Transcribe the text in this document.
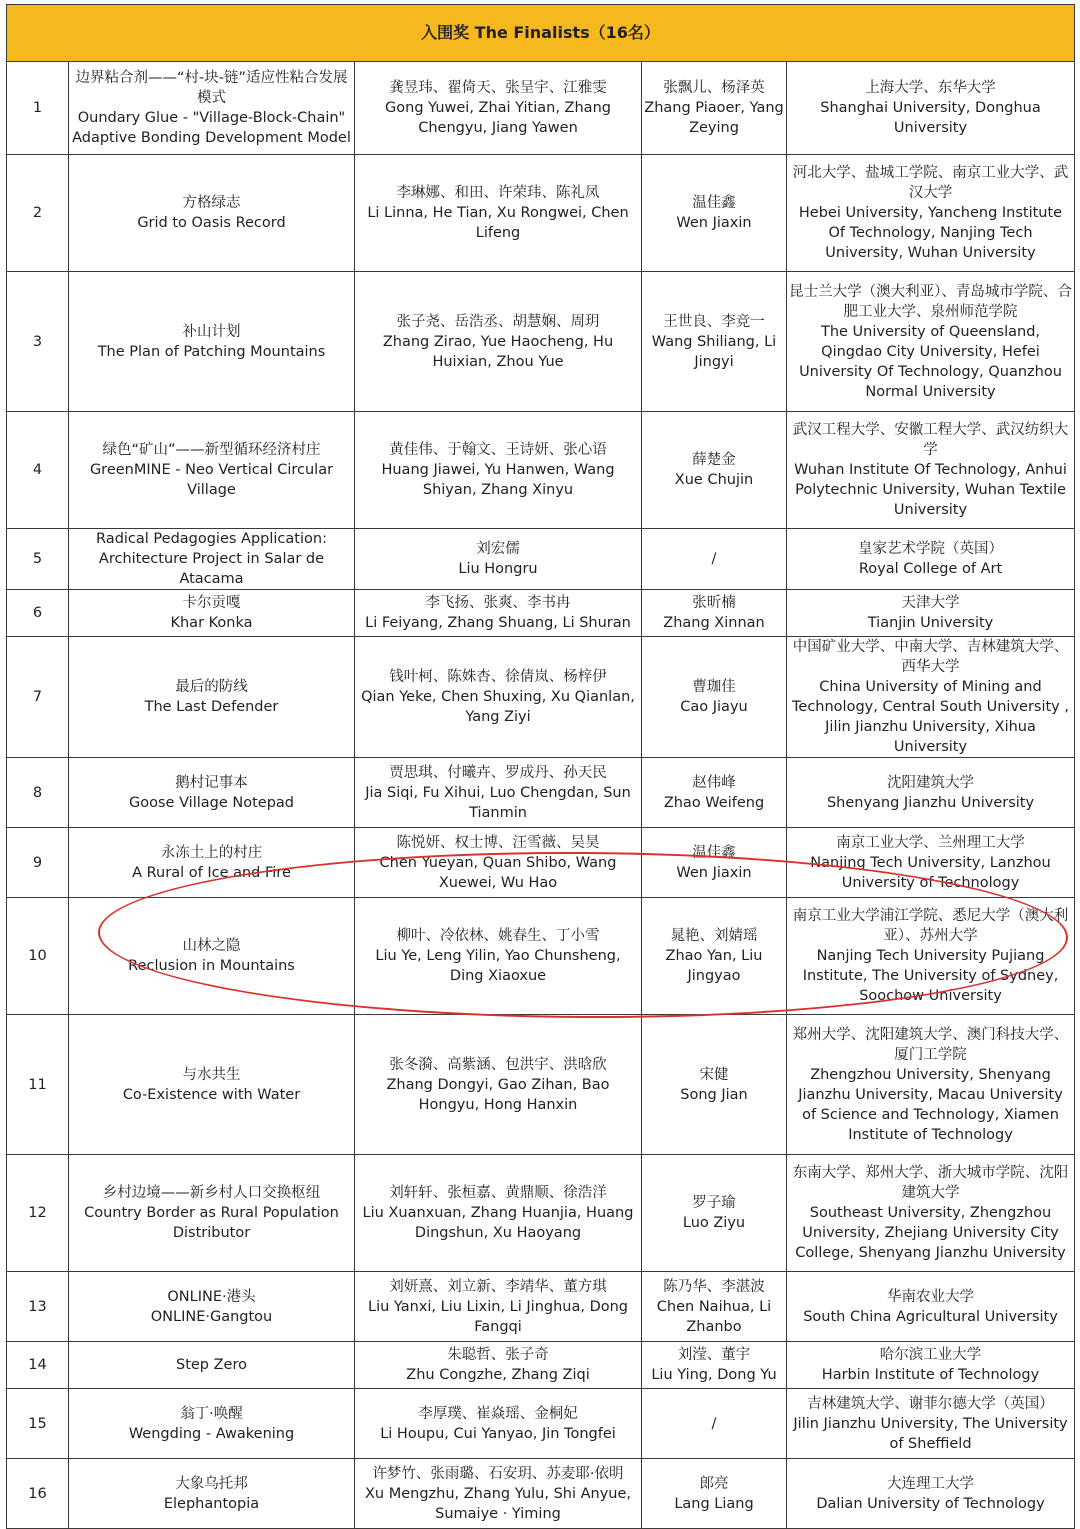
入围奖 The Finalists（16名）				
1	边界粘合剂——“村-块-链”适应性粘合发展模式
Oundary Glue - "Village-Block-Chain" Adaptive Bonding Development Model	龚昱玮、翟倚天、张呈宇、江雅雯
Gong Yuwei, Zhai Yitian, Zhang Chengyu, Jiang Yawen	张飘儿、杨泽英
Zhang Piaoer, Yang Zeying	上海大学、东华大学
Shanghai University, Donghua University

2	方格绿志
Grid to Oasis Record	李琳娜、和田、许荣玮、陈礼凤
Li Linna, He Tian, Xu Rongwei, Chen Lifeng	温佳鑫
Wen Jiaxin	河北大学、盐城工学院、南京工业大学、武汉大学
Hebei University, Yancheng Institute Of Technology, Nanjing Tech University, Wuhan University

3	补山计划
The Plan of Patching Mountains	张子尧、岳浩丞、胡慧娴、周玥
Zhang Zirao, Yue Haocheng, Hu Huixian, Zhou Yue	王世良、李竞一
Wang Shiliang, Li Jingyi	昆士兰大学（澳大利亚）、青岛城市学院、合肥工业大学、泉州师范学院
The University of Queensland, Qingdao City University, Hefei University Of Technology, Quanzhou Normal University

4	绿色“矿山”——新型循环经济村庄
GreenMINE - Neo Vertical Circular Village	黄佳伟、于翰文、王诗妍、张心语
Huang Jiawei, Yu Hanwen, Wang Shiyan, Zhang Xinyu	薛楚金
Xue Chujin	武汉工程大学、安徽工程大学、武汉纺织大学
Wuhan Institute Of Technology, Anhui Polytechnic University, Wuhan Textile University

5	Radical Pedagogies Application:
Architecture Project in Salar de Atacama	刘宏儒
Liu Hongru	/	皇家艺术学院（英国）
Royal College of Art

6	卡尔贡嘎
Khar Konka	李飞扬、张爽、李书冉
Li Feiyang, Zhang Shuang, Li Shuran	张昕楠
Zhang Xinnan	天津大学
Tianjin University

7	最后的防线
The Last Defender	钱叶柯、陈姝杏、徐倩岚、杨梓伊
Qian Yeke, Chen Shuxing, Xu Qianlan, Yang Ziyi	曹珈佳
Cao Jiayu	中国矿业大学、中南大学、吉林建筑大学、西华大学
China University of Mining and Technology, Central South University , Jilin Jianzhu University, Xihua University

8	鹅村记事本
Goose Village Notepad	贾思琪、付曦卉、罗成丹、孙天民
Jia Siqi, Fu Xihui, Luo Chengdan, Sun Tianmin	赵伟峰
Zhao Weifeng	沈阳建筑大学
Shenyang Jianzhu University

9	永冻土上的村庄
A Rural of Ice and Fire	陈悦妍、权士博、汪雪薇、吴昊
Chen Yueyan, Quan Shibo, Wang Xuewei, Wu Hao	温佳鑫
Wen Jiaxin	南京工业大学、兰州理工大学
Nanjing Tech University, Lanzhou University of Technology

10	山林之隐
Reclusion in Mountains	柳叶、冷依林、姚春生、丁小雪
Liu Ye, Leng Yilin, Yao Chunsheng, Ding Xiaoxue	晁艳、刘婧瑶
Zhao Yan, Liu Jingyao	南京工业大学浦江学院、悉尼大学（澳大利亚）、苏州大学
Nanjing Tech University Pujiang Institute, The University of Sydney, Soochow University

11	与水共生
Co-Existence with Water	张冬漪、高紫涵、包洪宇、洪晗欣
Zhang Dongyi, Gao Zihan, Bao Hongyu, Hong Hanxin	宋健
Song Jian	郑州大学、沈阳建筑大学、澳门科技大学、厦门工学院
Zhengzhou University, Shenyang Jianzhu University, Macau University of Science and Technology, Xiamen Institute of Technology

12	乡村边境——新乡村人口交换枢纽
Country Border as Rural Population Distributor	刘轩轩、张桓嘉、黄鼎顺、徐浩洋
Liu Xuanxuan, Zhang Huanjia, Huang Dingshun, Xu Haoyang	罗子瑜
Luo Ziyu	东南大学、郑州大学、浙大城市学院、沈阳建筑大学
Southeast University, Zhengzhou University, Zhejiang University City College, Shenyang Jianzhu University

13	ONLINE·港头
ONLINE·Gangtou	刘妍熹、刘立新、李靖华、董方琪
Liu Yanxi, Liu Lixin, Li Jinghua, Dong Fangqi	陈乃华、李湛波
Chen Naihua, Li Zhanbo	华南农业大学
South China Agricultural University

14	Step Zero	朱聪哲、张子奇
Zhu Congzhe, Zhang Ziqi	刘滢、董宇
Liu Ying, Dong Yu	哈尔滨工业大学
Harbin Institute of Technology

15	翁丁·唤醒
Wengding - Awakening	李厚璞、崔焱瑶、金桐妃
Li Houpu, Cui Yanyao, Jin Tongfei	/	吉林建筑大学、谢菲尔德大学（英国）
Jilin Jianzhu University, The University of Sheffield

16	大象乌托邦
Elephantopia	许梦竹、张雨璐、石安玥、苏麦耶·依明
Xu Mengzhu, Zhang Yulu, Shi Anyue, Sumaiye · Yiming	郎亮
Lang Liang	大连理工大学
Dalian University of Technology
